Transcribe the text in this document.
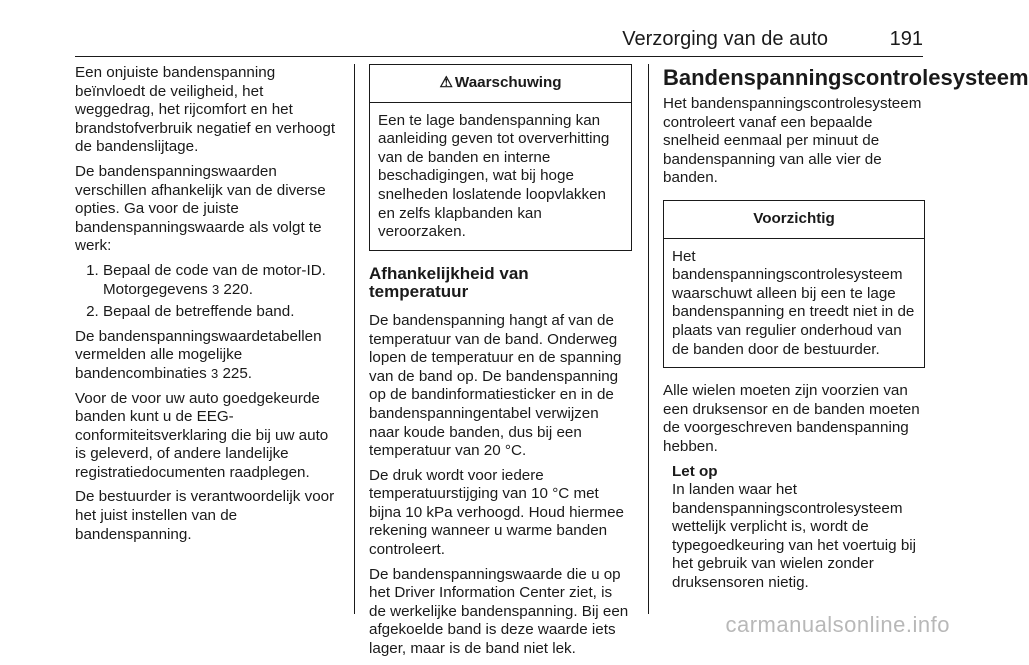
Verzorging van de auto	191

Een onjuiste bandenspanning beïnvloedt de veiligheid, het weggedrag, het rijcomfort en het brandstofverbruik negatief en verhoogt de bandenslijtage.

De bandenspanningswaarden verschillen afhankelijk van de diverse opties. Ga voor de juiste bandenspanningswaarde als volgt te werk:

1. Bepaal de code van de motor-ID. Motorgegevens 3 220.
2. Bepaal de betreffende band.

De bandenspanningswaardetabellen vermelden alle mogelijke bandencombinaties 3 225.

Voor de voor uw auto goedgekeurde banden kunt u de EEG-conformiteitsverklaring die bij uw auto is geleverd, of andere landelijke registratiedocumenten raadplegen.

De bestuurder is verantwoordelijk voor het juist instellen van de bandenspanning.

⚠ Waarschuwing
Een te lage bandenspanning kan aanleiding geven tot oververhitting van de banden en interne beschadigingen, wat bij hoge snelheden loslatende loopvlakken en zelfs klapbanden kan veroorzaken.
Afhankelijkheid van temperatuur

De bandenspanning hangt af van de temperatuur van de band. Onderweg lopen de temperatuur en de spanning van de band op. De bandenspanning op de bandinformatiesticker en in de bandenspanningentabel verwijzen naar koude banden, dus bij een temperatuur van 20 °C.

De druk wordt voor iedere temperatuurstijging van 10 °C met bijna 10 kPa verhoogd. Houd hiermee rekening wanneer u warme banden controleert.

De bandenspanningswaarde die u op het Driver Information Center ziet, is de werkelijke bandenspanning. Bij een afgekoelde band is deze waarde iets lager, maar is de band niet lek.

Bandenspanningscontrolesysteem

Het bandenspanningscontrolesysteem controleert vanaf een bepaalde snelheid eenmaal per minuut de bandenspanning van alle vier de banden.

Voorzichtig
Het bandenspanningscontrolesysteem waarschuwt alleen bij een te lage bandenspanning en treedt niet in de plaats van regulier onderhoud van de banden door de bestuurder.

Alle wielen moeten zijn voorzien van een druksensor en de banden moeten de voorgeschreven bandenspanning hebben.

Let op
In landen waar het bandenspanningscontrolesysteem wettelijk verplicht is, wordt de typegoedkeuring van het voertuig bij het gebruik van wielen zonder druksensoren nietig.
carmanualsonline.info
